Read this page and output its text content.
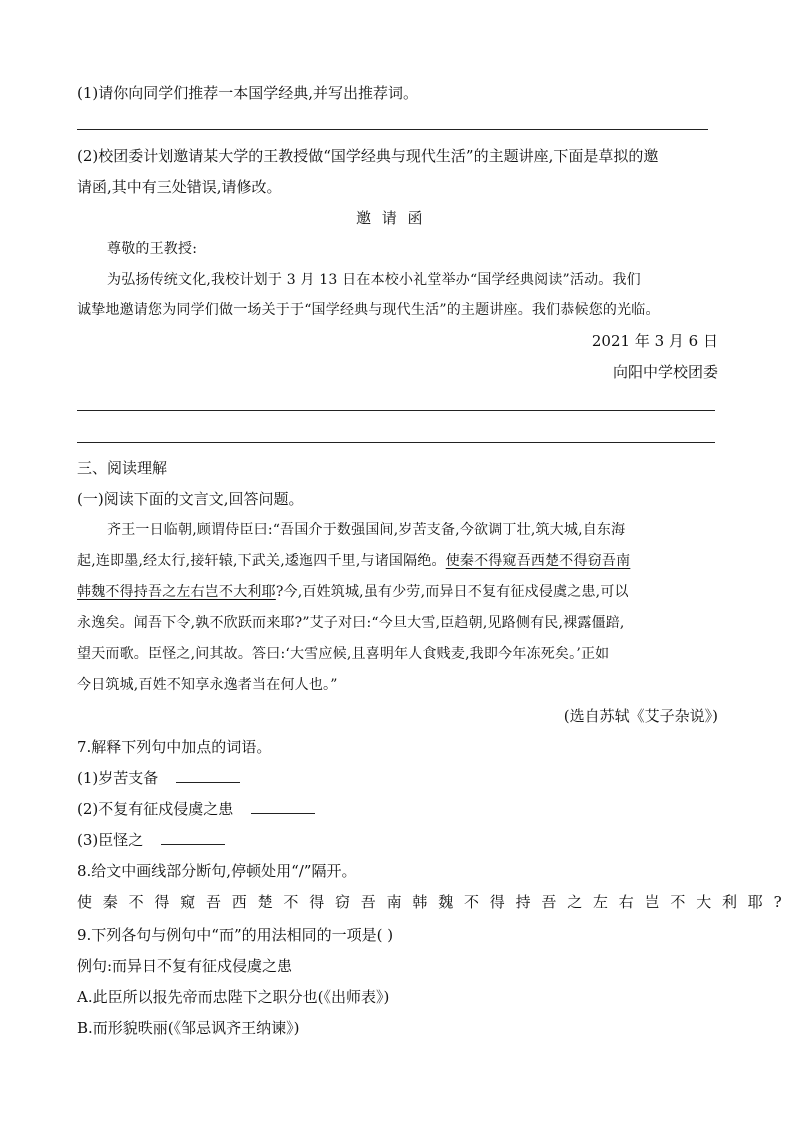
(1)请你向同学们推荐一本国学经典,并写出推荐词。
(2)校团委计划邀请某大学的王教授做“国学经典与现代生活”的主题讲座,下面是草拟的邀
请函,其中有三处错误,请修改。
邀 请 函
尊敬的王教授:
为弘扬传统文化,我校计划于 3 月 13 日在本校小礼堂举办“国学经典阅读”活动。我们
诚挚地邀请您为同学们做一场关于于“国学经典与现代生活”的主题讲座。我们恭候您的光临。
2021 年 3 月 6 日
向阳中学校团委
三、阅读理解
(一)阅读下面的文言文,回答问题。
齐王一日临朝,顾谓侍臣曰:“吾国介于数强国间,岁苦支备,今欲调丁壮,筑大城,自东海
起,连即墨,经太行,接轩辕,下武关,逶迤四千里,与诸国隔绝。使秦不得窥吾西楚不得窃吾南
韩魏不得持吾之左右岂不大利耶?今,百姓筑城,虽有少劳,而异日不复有征戍侵虞之患,可以
永逸矣。闻吾下令,孰不欣跃而来耶?”艾子对曰:“今旦大雪,臣趋朝,见路侧有民,裸露僵踣,
望天而歌。臣怪之,问其故。答曰:‘大雪应候,且喜明年人食贱麦,我即今年冻死矣。’正如
今日筑城,百姓不知享永逸者当在何人也。”
(选自苏轼《艾子杂说》)
7.解释下列句中加点的词语。
(1)岁苦支备
(2)不复有征戍侵虞之患
(3)臣怪之
8.给文中画线部分断句,停顿处用“/”隔开。
使秦不得窥吾西楚不得窃吾南韩魏不得持吾之左右岂不大利耶?
9.下列各句与例句中“而”的用法相同的一项是( )
例句:而异日不复有征戍侵虞之患
A.此臣所以报先帝而忠陛下之职分也(《出师表》)
B.而形貌昳丽(《邹忌讽齐王纳谏》)
